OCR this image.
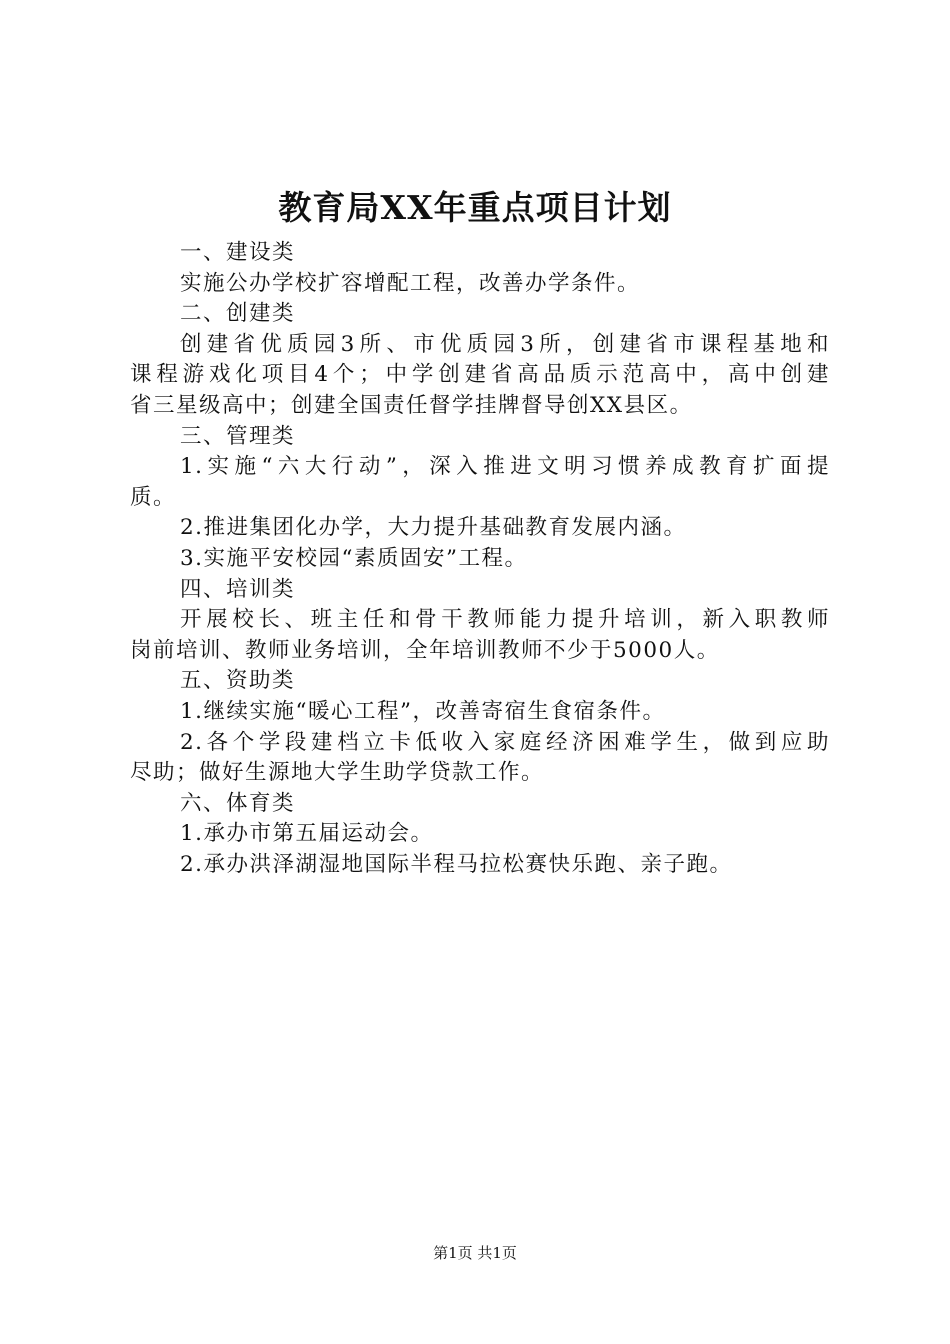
教育局XX年重点项目计划
一、建设类
实施公办学校扩容增配工程，改善办学条件。
二、创建类
创建省优质园3所、市优质园3所，创建省市课程基地和
课程游戏化项目4个；中学创建省高品质示范高中，高中创建
省三星级高中；创建全国责任督学挂牌督导创XX县区。
三、管理类
1.实施“六大行动”，深入推进文明习惯养成教育扩面提
质。
2.推进集团化办学，大力提升基础教育发展内涵。
3.实施平安校园“素质固安”工程。
四、培训类
开展校长、班主任和骨干教师能力提升培训，新入职教师
岗前培训、教师业务培训，全年培训教师不少于5000人。
五、资助类
1.继续实施“暖心工程”，改善寄宿生食宿条件。
2.各个学段建档立卡低收入家庭经济困难学生，做到应助
尽助；做好生源地大学生助学贷款工作。
六、体育类
1.承办市第五届运动会。
2.承办洪泽湖湿地国际半程马拉松赛快乐跑、亲子跑。
第1页 共1页
